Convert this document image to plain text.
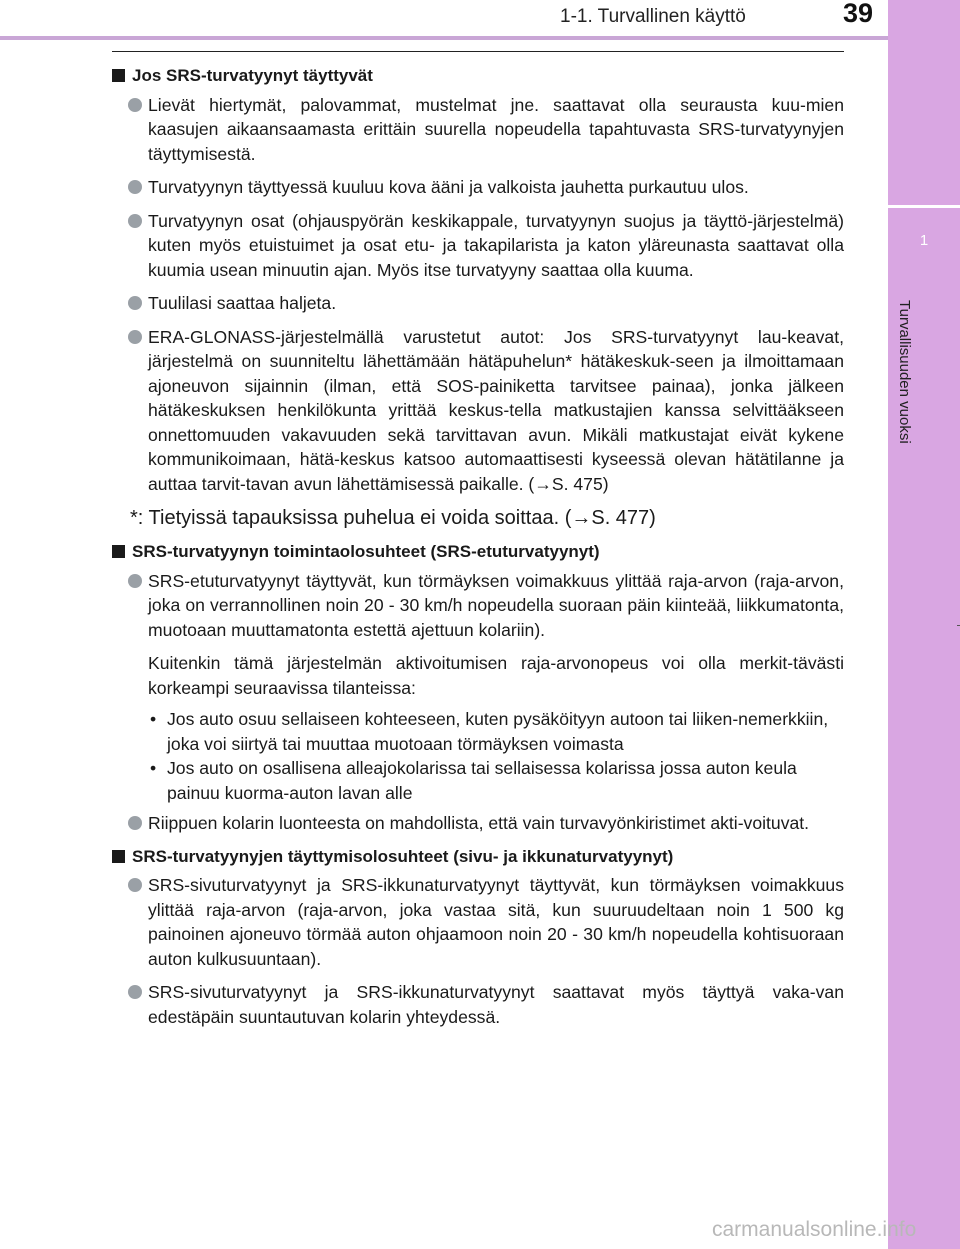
1-1. Turvallinen käyttö	39
1
Turvallisuuden vuoksi
Jos SRS-turvatyynyt täyttyvät
Lievät hiertymät, palovammat, mustelmat jne. saattavat olla seurausta kuu-mien kaasujen aikaansaamasta erittäin suurella nopeudella tapahtuvasta SRS-turvatyynyjen täyttymisestä.
Turvatyynyn täyttyessä kuuluu kova ääni ja valkoista jauhetta purkautuu ulos.
Turvatyynyn osat (ohjauspyörän keskikappale, turvatyynyn suojus ja täyttö-järjestelmä) kuten myös etuistuimet ja osat etu- ja takapilarista ja katon yläreunasta saattavat olla kuumia usean minuutin ajan. Myös itse turvatyyny saattaa olla kuuma.
Tuulilasi saattaa haljeta.
ERA-GLONASS-järjestelmällä varustetut autot: Jos SRS-turvatyynyt lau-keavat, järjestelmä on suunniteltu lähettämään hätäpuhelun* hätäkeskuk-seen ja ilmoittamaan ajoneuvon sijainnin (ilman, että SOS-painiketta tarvitsee painaa), jonka jälkeen hätäkeskuksen henkilökunta yrittää keskus-tella matkustajien kanssa selvittääkseen onnettomuuden vakavuuden sekä tarvittavan avun. Mikäli matkustajat eivät kykene kommunikoimaan, hätä-keskus katsoo automaattisesti kyseessä olevan hätätilanne ja auttaa tarvit-tavan avun lähettämisessä paikalle. (→S. 475)
*: Tietyissä tapauksissa puhelua ei voida soittaa. (→S. 477)
SRS-turvatyynyn toimintaolosuhteet (SRS-etuturvatyynyt)
SRS-etuturvatyynyt täyttyvät, kun törmäyksen voimakkuus ylittää raja-arvon (raja-arvon, joka on verrannollinen noin 20 - 30 km/h nopeudella suoraan päin kiinteää, liikkumatonta, muotoaan muuttamatonta estettä ajettuun kolariin).
Kuitenkin tämä järjestelmän aktivoitumisen raja-arvonopeus voi olla merkit-tävästi korkeampi seuraavissa tilanteissa:
• Jos auto osuu sellaiseen kohteeseen, kuten pysäköityyn autoon tai liiken-nemerkkiin, joka voi siirtyä tai muuttaa muotoaan törmäyksen voimasta
• Jos auto on osallisena alleajokolarissa tai sellaisessa kolarissa jossa auton keula painuu kuorma-auton lavan alle
Riippuen kolarin luonteesta on mahdollista, että vain turvavyönkiristimet akti-voituvat.
SRS-turvatyynyjen täyttymisolosuhteet (sivu- ja ikkunaturvatyynyt)
SRS-sivuturvatyynyt ja SRS-ikkunaturvatyynyt täyttyvät, kun törmäyksen voimakkuus ylittää raja-arvon (raja-arvon, joka vastaa sitä, kun suuruudeltaan noin 1 500 kg painoinen ajoneuvo törmää auton ohjaamoon noin 20 - 30 km/h nopeudella kohtisuoraan auton kulkusuuntaan).
SRS-sivuturvatyynyt ja SRS-ikkunaturvatyynyt saattavat myös täyttyä vaka-van edestäpäin suuntautuvan kolarin yhteydessä.
carmanualsonline.info
